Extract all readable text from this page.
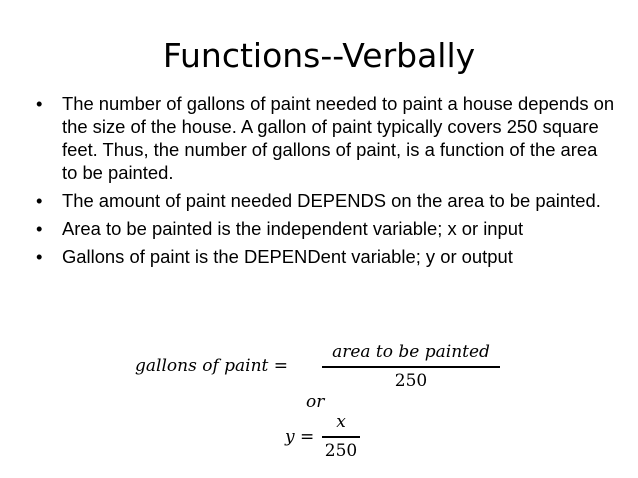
Functions--Verbally
• The number of gallons of paint needed to paint a house depends on the size of the house. A gallon of paint typically covers 250 square feet. Thus, the number of gallons of paint, is a function of the area to be painted.
• The amount of paint needed DEPENDS on the area to be painted.
• Area to be painted is the independent variable; x or input
• Gallons of paint is the DEPENDent variable; y or output
gallons of paint =
area to be painted
250
or
y =
x
250
